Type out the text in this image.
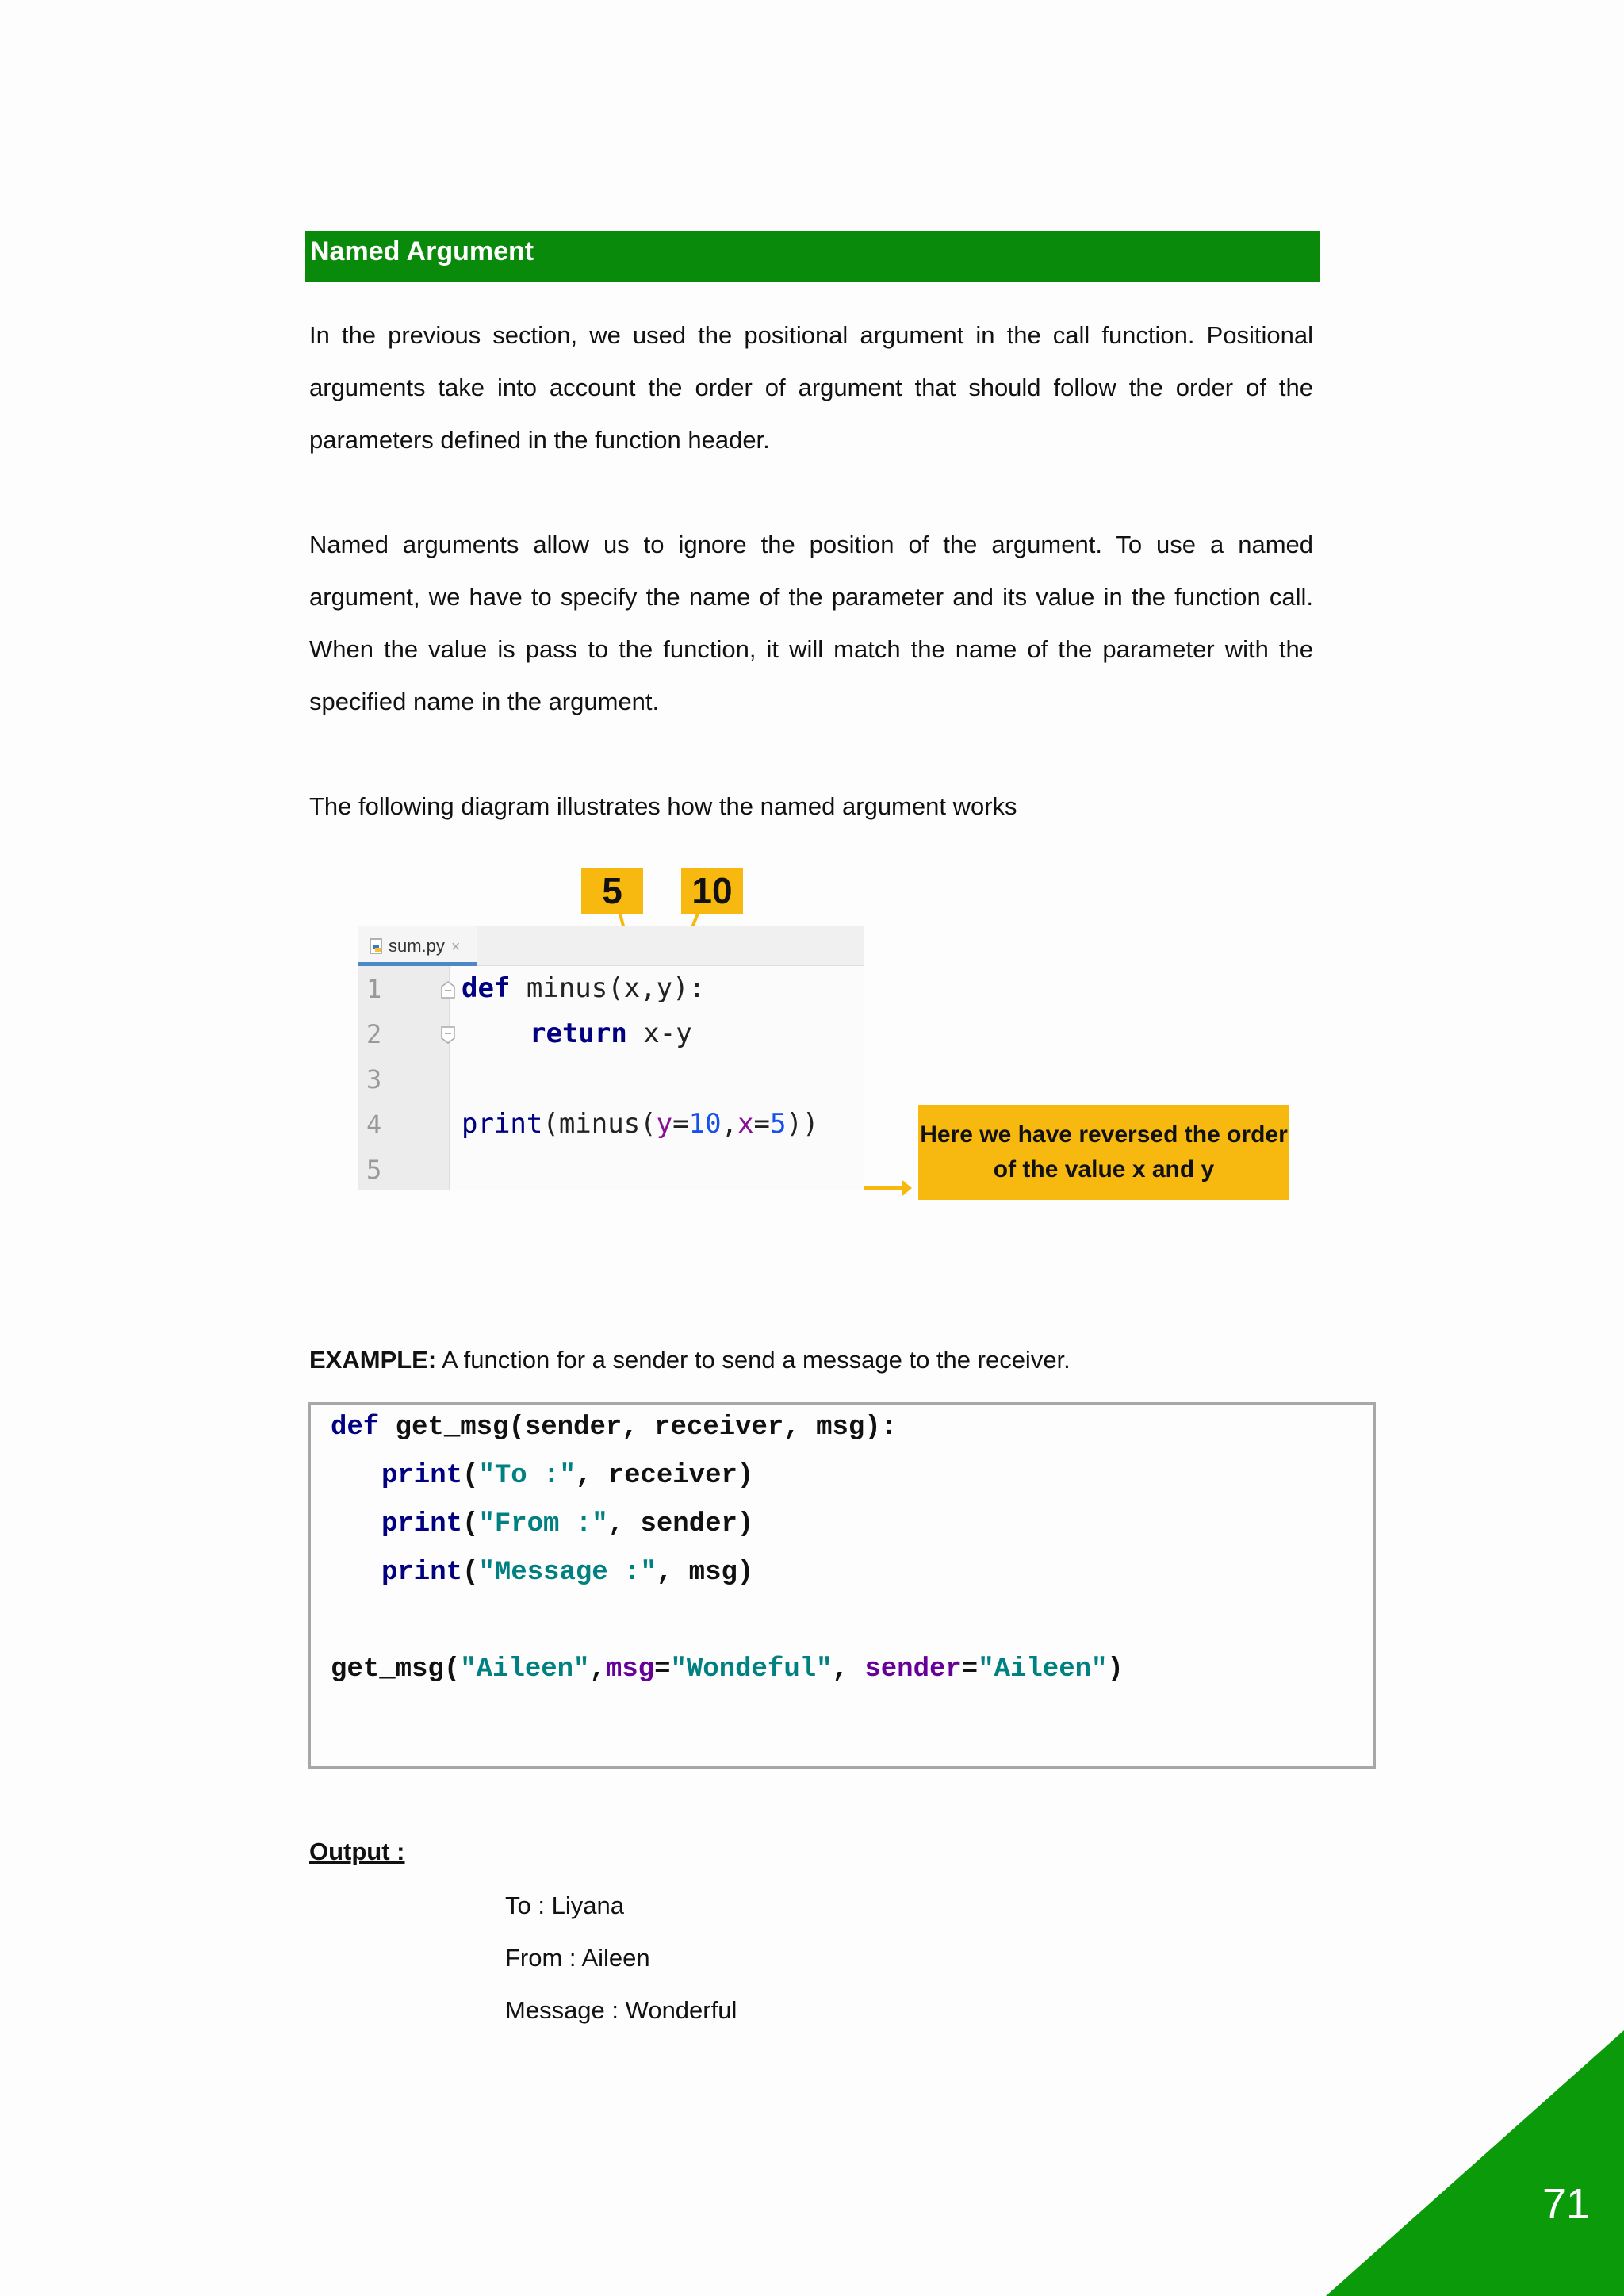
Named Argument

In the previous section, we used the positional argument in the call function. Positional arguments take into account the order of argument that should follow the order of the parameters defined in the function header.

Named arguments allow us to ignore the position of the argument. To use a named argument, we have to specify the name of the parameter and its value in the function call. When the value is pass to the function, it will match the name of the parameter with the specified name in the argument.

The following diagram illustrates how the named argument works

5	10
sum.py ×
1
2
3
4
5
def minus(x,y):
return x-y
print(minus(y=10,x=5))	Here we have reversed the order of the value x and y
EXAMPLE: A function for a sender to send a message to the receiver.
def get_msg(sender, receiver, msg):
print("To :", receiver)
print("From :", sender)
print("Message :", msg)
get_msg("Aileen",msg="Wondeful", sender="Aileen")
Output :
To : Liyana
From : Aileen
Message : Wonderful
71
